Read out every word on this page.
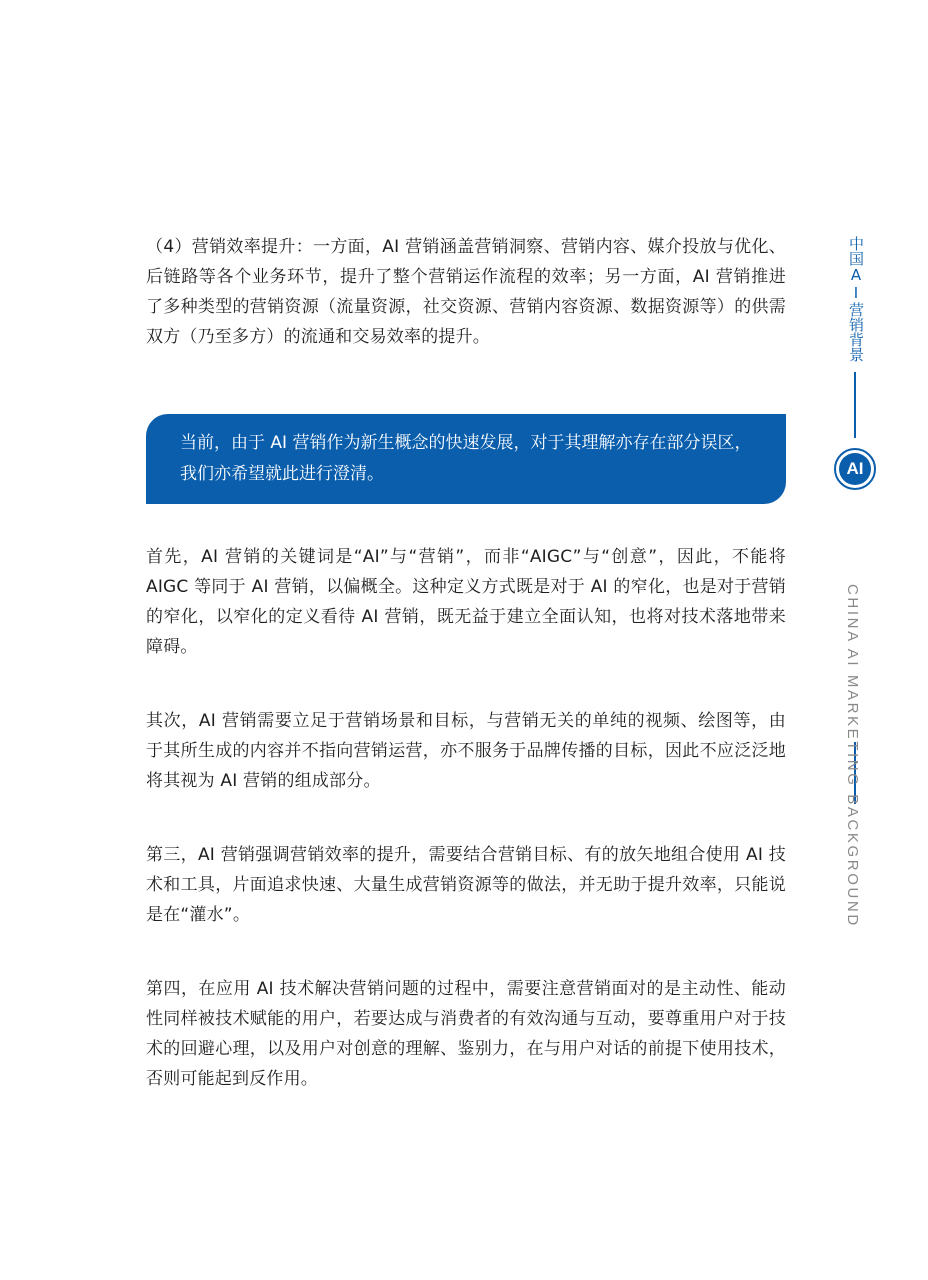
（4）营销效率提升：一方面，AI 营销涵盖营销洞察、营销内容、媒介投放与优化、后链路等各个业务环节，提升了整个营销运作流程的效率；另一方面，AI 营销推进了多种类型的营销资源（流量资源，社交资源、营销内容资源、数据资源等）的供需双方（乃至多方）的流通和交易效率的提升。

当前，由于 AI 营销作为新生概念的快速发展，对于其理解亦存在部分误区，我们亦希望就此进行澄清。

首先，AI 营销的关键词是“AI”与“营销”，而非“AIGC”与“创意”，因此，不能将 AIGC 等同于 AI 营销，以偏概全。这种定义方式既是对于 AI 的窄化，也是对于营销的窄化，以窄化的定义看待 AI 营销，既无益于建立全面认知，也将对技术落地带来障碍。

其次，AI 营销需要立足于营销场景和目标，与营销无关的单纯的视频、绘图等，由于其所生成的内容并不指向营销运营，亦不服务于品牌传播的目标，因此不应泛泛地将其视为 AI 营销的组成部分。

第三，AI 营销强调营销效率的提升，需要结合营销目标、有的放矢地组合使用 AI 技术和工具，片面追求快速、大量生成营销资源等的做法，并无助于提升效率，只能说是在“灌水”。

第四，在应用 AI 技术解决营销问题的过程中，需要注意营销面对的是主动性、能动性同样被技术赋能的用户，若要达成与消费者的有效沟通与互动，要尊重用户对于技术的回避心理，以及用户对创意的理解、鉴别力，在与用户对话的前提下使用技术，否则可能起到反作用。

中国AI营销背景
AI
CHINA AI MARKETING BACKGROUND
